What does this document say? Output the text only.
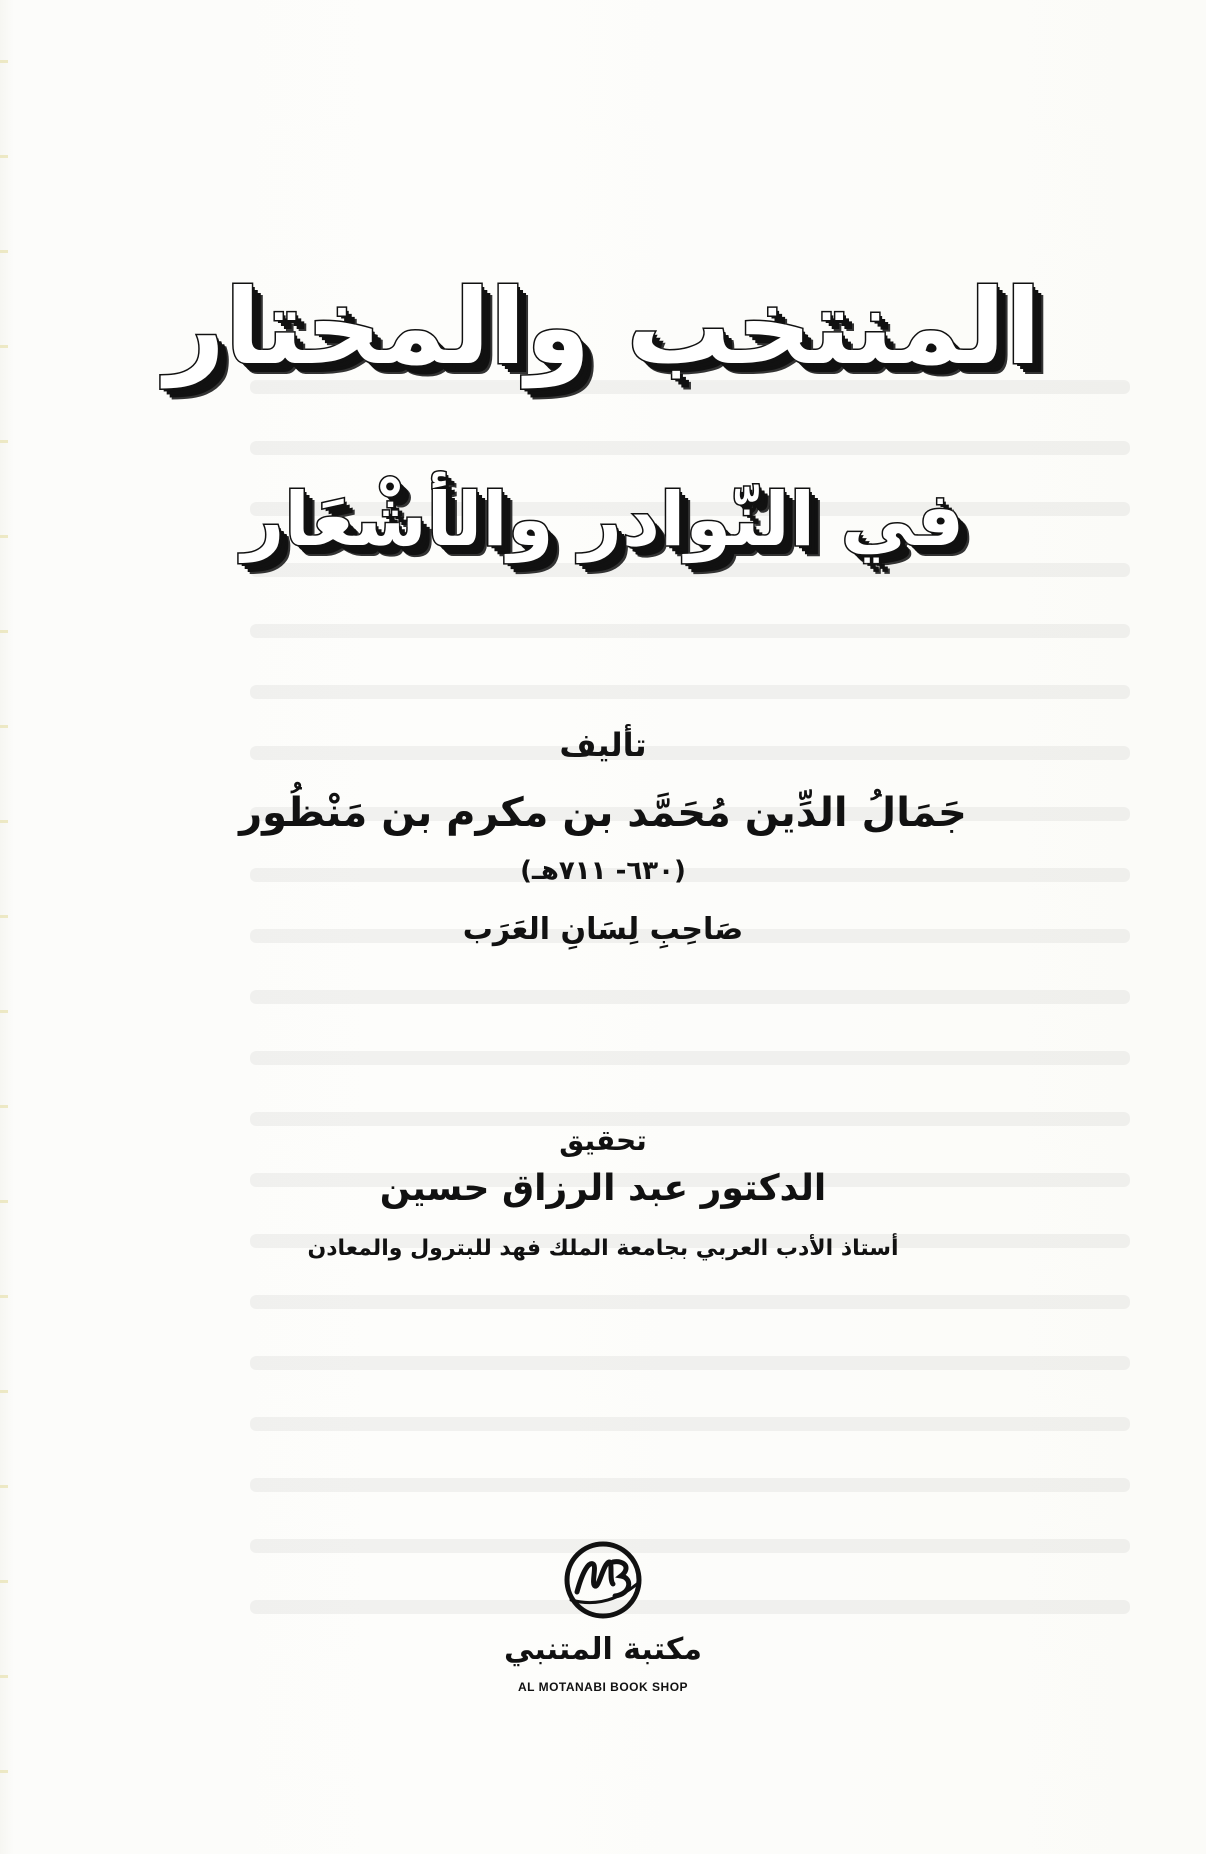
المنتخب والمختار
في النّوادر والأشْعَار
تأليف
جَمَالُ الدِّين مُحَمَّد بن مكرم بن مَنْظُور
(٦٣٠- ٧١١هـ)
صَاحِبِ لِسَانِ العَرَب
تحقيق
الدكتور عبد الرزاق حسين
أستاذ الأدب العربي بجامعة الملك فهد للبترول والمعادن
مكتبة المتنبي
AL MOTANABI BOOK SHOP
